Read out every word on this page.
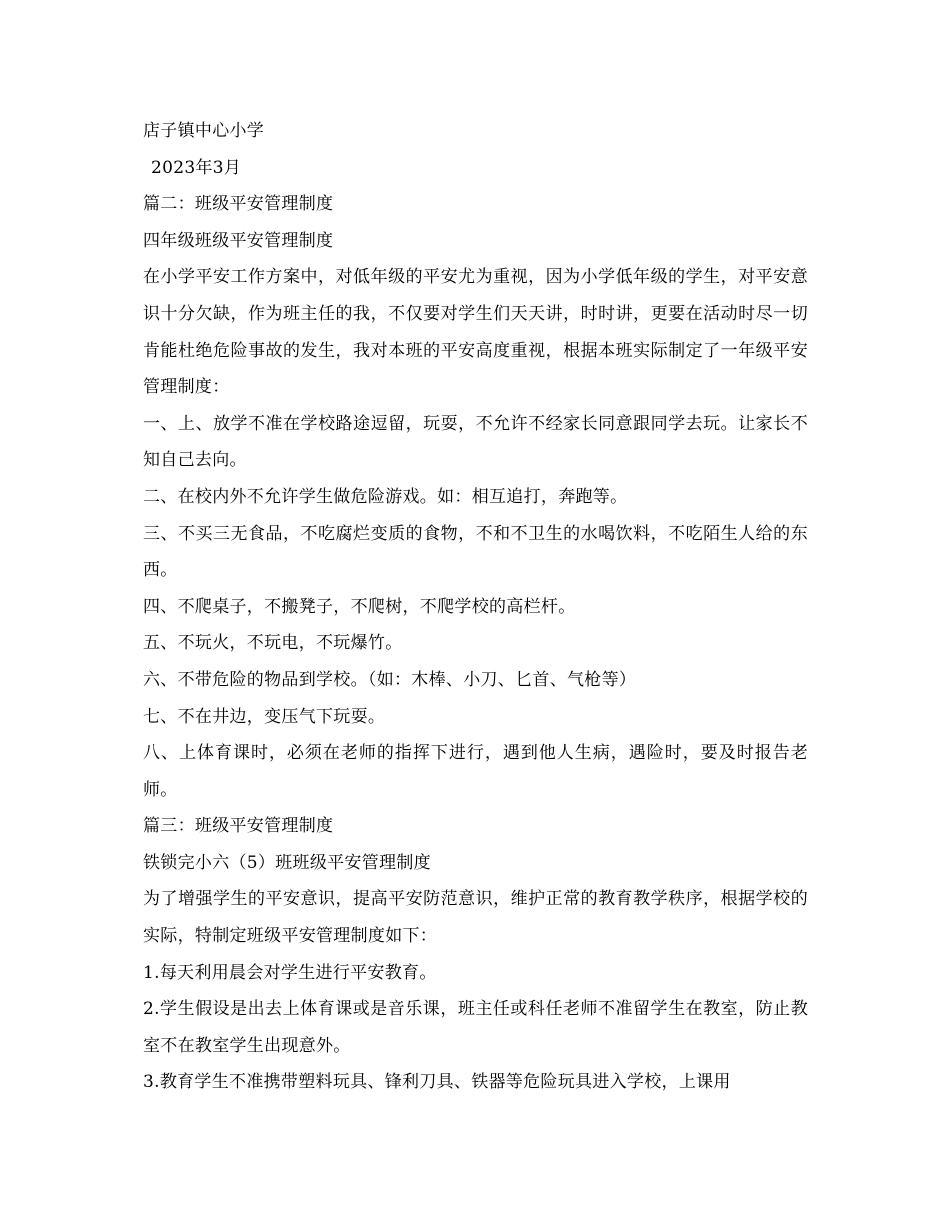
店子镇中心小学

2023年3月

篇二：班级平安管理制度

四年级班级平安管理制度

在小学平安工作方案中，对低年级的平安尤为重视，因为小学低年级的学生，对平安意识十分欠缺，作为班主任的我，不仅要对学生们天天讲，时时讲，更要在活动时尽一切肯能杜绝危险事故的发生，我对本班的平安高度重视，根据本班实际制定了一年级平安管理制度：

一、上、放学不准在学校路途逗留，玩耍，不允许不经家长同意跟同学去玩。让家长不知自己去向。

二、在校内外不允许学生做危险游戏。如：相互追打，奔跑等。

三、不买三无食品，不吃腐烂变质的食物，不和不卫生的水喝饮料，不吃陌生人给的东西。

四、不爬桌子，不搬凳子，不爬树，不爬学校的高栏杆。

五、不玩火，不玩电，不玩爆竹。

六、不带危险的物品到学校。（如：木棒、小刀、匕首、气枪等）

七、不在井边，变压气下玩耍。

八、上体育课时，必须在老师的指挥下进行，遇到他人生病，遇险时，要及时报告老师。

篇三：班级平安管理制度

铁锁完小六（5）班班级平安管理制度

为了增强学生的平安意识，提高平安防范意识，维护正常的教育教学秩序，根据学校的实际，特制定班级平安管理制度如下：

1.每天利用晨会对学生进行平安教育。

2.学生假设是出去上体育课或是音乐课，班主任或科任老师不准留学生在教室，防止教室不在教室学生出现意外。

3.教育学生不准携带塑料玩具、锋利刀具、铁器等危险玩具进入学校，上课用
